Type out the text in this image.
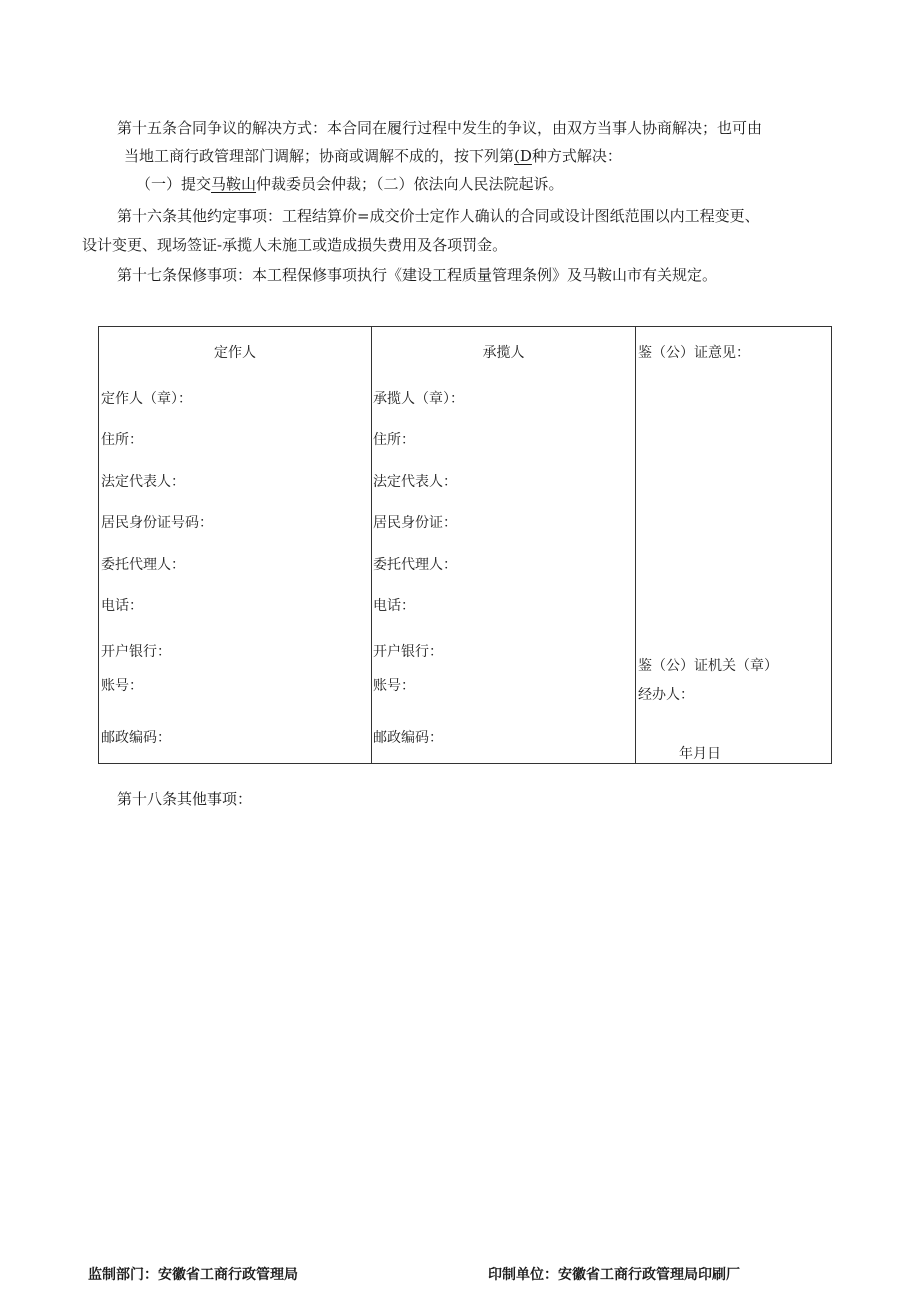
第十五条合同争议的解决方式：本合同在履行过程中发生的争议，由双方当事人协商解决；也可由
当地工商行政管理部门调解；协商或调解不成的，按下列第(D种方式解决：
（一）提交马鞍山仲裁委员会仲裁；（二）依法向人民法院起诉。
第十六条其他约定事项：工程结算价=成交价士定作人确认的合同或设计图纸范围以内工程变更、
设计变更、现场签证-承揽人未施工或造成损失费用及各项罚金。
第十七条保修事项：本工程保修事项执行《建设工程质量管理条例》及马鞍山市有关规定。
定作人
定作人（章）：
住所：
法定代表人：
居民身份证号码：
委托代理人：
电话：
开户银行：
账号：
邮政编码：

承揽人
承揽人（章）：
住所：
法定代表人：
居民身份证：
委托代理人：
电话：
开户银行：
账号：
邮政编码：

鉴（公）证意见：
鉴（公）证机关（章）
经办人：
年月日
第十八条其他事项：
监制部门：安徽省工商行政管理局	印制单位：安徽省工商行政管理局印刷厂
